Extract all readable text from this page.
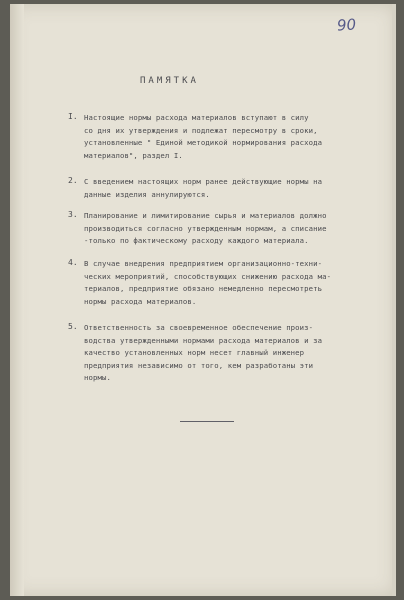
90
ПАМЯТКА
I. Настоящие нормы расхода материалов вступают в силу
со дня их утверждения и подлежат пересмотру в сроки,
установленные " Единой методикой нормирования расхода
материалов", раздел I.
2. С введением настоящих норм ранее действующие нормы на
данные изделия аннулируются.
3. Планирование и лимитирование сырья и материалов должно
производиться согласно утвержденным нормам, а списание
-только по фактическому расходу каждого материала.
4. В случае внедрения предприятием организационно-техни-
ческих мероприятий, способствующих снижению расхода ма-
териалов, предприятие обязано немедленно пересмотреть
нормы расхода материалов.
5. Ответственность за своевременное обеспечение произ-
водства утвержденными нормами расхода материалов и за
качество установленных норм несет главный инженер
предприятия независимо от того, кем разработаны эти
нормы.
